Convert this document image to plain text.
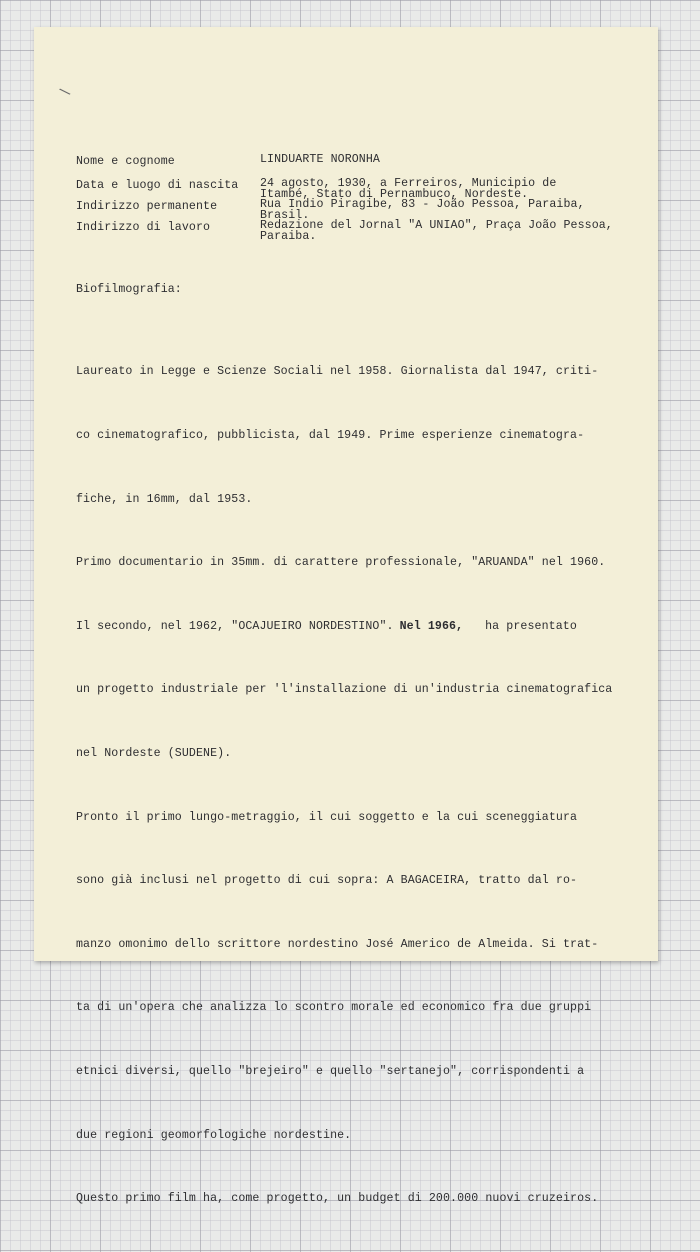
\

Nome e cognome

	LINDUARTE NORONHA

Data e luogo di nascita

	24 agosto, 1930, a Ferreiros, Municipio de
Itambé, Stato di Pernambuco, Nordeste.

Indirizzo permanente

	Rua Indio Piragibe, 83 - João Pessoa, Paraiba,
Brasil.

Indirizzo di lavoro

	Redazione del Jornal "A UNIAO", Praça João Pessoa,
Paraiba.

Biofilmografia:

Laureato in Legge e Scienze Sociali nel 1958. Giornalista dal 1947, criti-

co cinematografico, pubblicista, dal 1949. Prime esperienze cinematogra-

fiche, in 16mm, dal 1953.

Primo documentario in 35mm. di carattere professionale, "ARUANDA" nel 1960.

Il secondo, nel 1962, "OCAJUEIRO NORDESTINO". Nel 1966, ha presentato

un progetto industriale per 'l'installazione di un'industria cinematografica

nel Nordeste (SUDENE).

Pronto il primo lungo-metraggio, il cui soggetto e la cui sceneggiatura

sono già inclusi nel progetto di cui sopra: A BAGACEIRA, tratto dal ro-

manzo omonimo dello scrittore nordestino José Americo de Almeida. Si trat-

ta di un'opera che analizza lo scontro morale ed economico fra due gruppi

etnici diversi, quello "brejeiro" e quello "sertanejo", corrispondenti a

due regioni geomorfologiche nordestine.

Questo primo film ha, come progetto, un budget di 200.000 nuovi cruzeiros.
